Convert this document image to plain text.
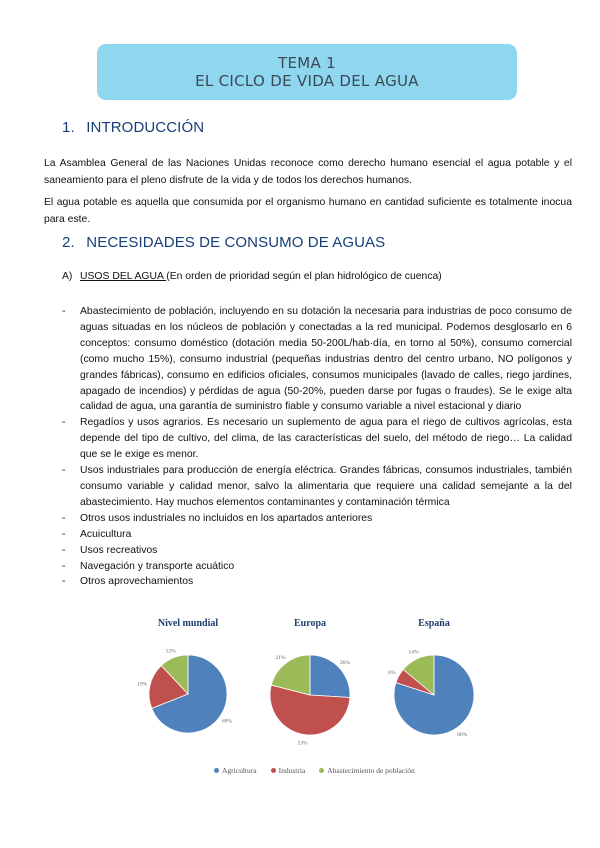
TEMA 1
EL CICLO DE VIDA DEL AGUA
1. INTRODUCCIÓN
La Asamblea General de las Naciones Unidas reconoce como derecho humano esencial el agua potable y el saneamiento para el pleno disfrute de la vida y de todos los derechos humanos.
El agua potable es aquella que consumida por el organismo humano en cantidad suficiente es totalmente inocua para este.
2. NECESIDADES DE CONSUMO DE AGUAS
A) USOS DEL AGUA (En orden de prioridad según el plan hidrológico de cuenca)
- Abastecimiento de población, incluyendo en su dotación la necesaria para industrias de poco consumo de aguas situadas en los núcleos de población y conectadas a la red municipal. Podemos desglosarlo en 6 conceptos: consumo doméstico (dotación media 50-200L/hab·día, en torno al 50%), consumo comercial (como mucho 15%), consumo industrial (pequeñas industrias dentro del centro urbano, NO polígonos y grandes fábricas), consumo en edificios oficiales, consumos municipales (lavado de calles, riego jardines, apagado de incendios) y pérdidas de agua (50-20%, pueden darse por fugas o fraudes). Se le exige alta calidad de agua, una garantía de suministro fiable y consumo variable a nivel estacional y diario
- Regadíos y usos agrarios. Es necesario un suplemento de agua para el riego de cultivos agrícolas, esta depende del tipo de cultivo, del clima, de las características del suelo, del método de riego… La calidad que se le exige es menor.
- Usos industriales para producción de energía eléctrica. Grandes fábricas, consumos industriales, también consumo variable y calidad menor, salvo la alimentaria que requiere una calidad semejante a la del abastecimiento. Hay muchos elementos contaminantes y contaminación térmica
- Otros usos industriales no incluidos en los apartados anteriores
- Acuicultura
- Usos recreativos
- Navegación y transporte acuático
- Otros aprovechamientos
Nivel mundial	Europa	España
69%
19%
12%
26%
53%
21%
80%
6%
14%
Agricultura	Industria	Abastecimiento de población
